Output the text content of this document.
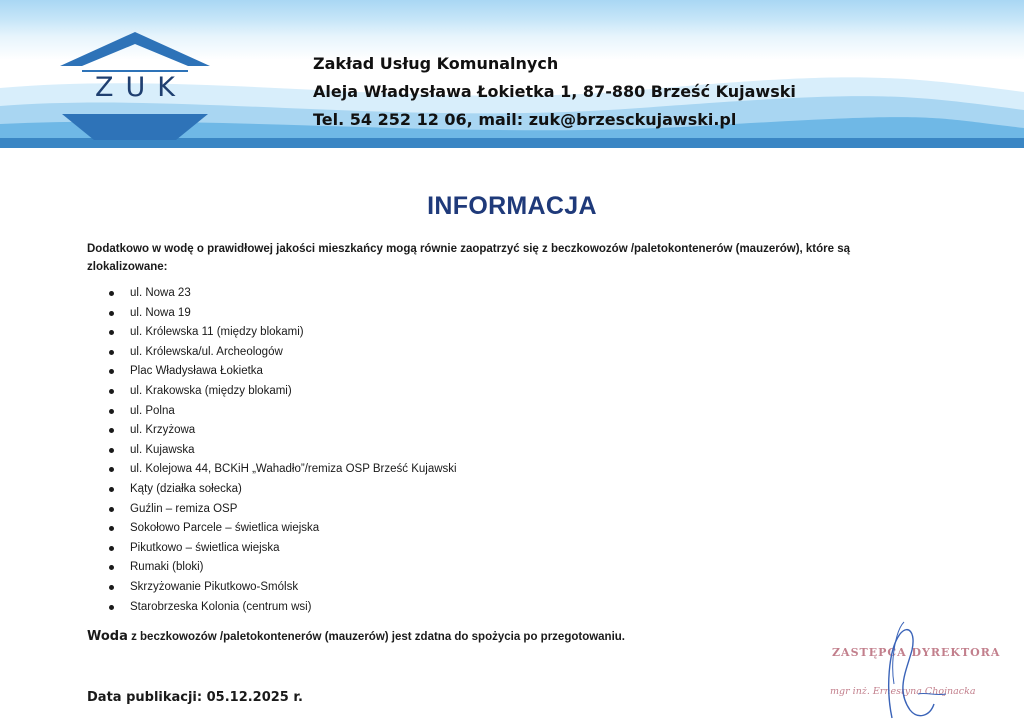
ZUK
Zakład Usług Komunalnych
Aleja Władysława Łokietka 1, 87-880 Brześć Kujawski
Tel. 54 252 12 06, mail: zuk@brzesckujawski.pl
INFORMACJA
Dodatkowo w wodę o prawidłowej jakości mieszkańcy mogą równie zaopatrzyć się z beczkowozów /paletokontenerów (mauzerów), które są zlokalizowane:
ul. Nowa 23
ul. Nowa 19
ul. Królewska 11 (między blokami)
ul. Królewska/ul. Archeologów
Plac Władysława Łokietka
ul. Krakowska (między blokami)
ul. Polna
ul. Krzyżowa
ul. Kujawska
ul. Kolejowa 44, BCKiH „Wahadło”/remiza OSP Brześć Kujawski
Kąty (działka sołecka)
Guźlin – remiza OSP
Sokołowo Parcele – świetlica wiejska
Pikutkowo – świetlica wiejska
Rumaki (bloki)
Skrzyżowanie Pikutkowo-Smólsk
Starobrzeska Kolonia (centrum wsi)
Woda z beczkowozów /paletokontenerów (mauzerów) jest zdatna do spożycia po przegotowaniu.
Data publikacji: 05.12.2025 r.
ZASTĘPCA DYREKTORA
mgr inż. Ernestyna Chojnacka
